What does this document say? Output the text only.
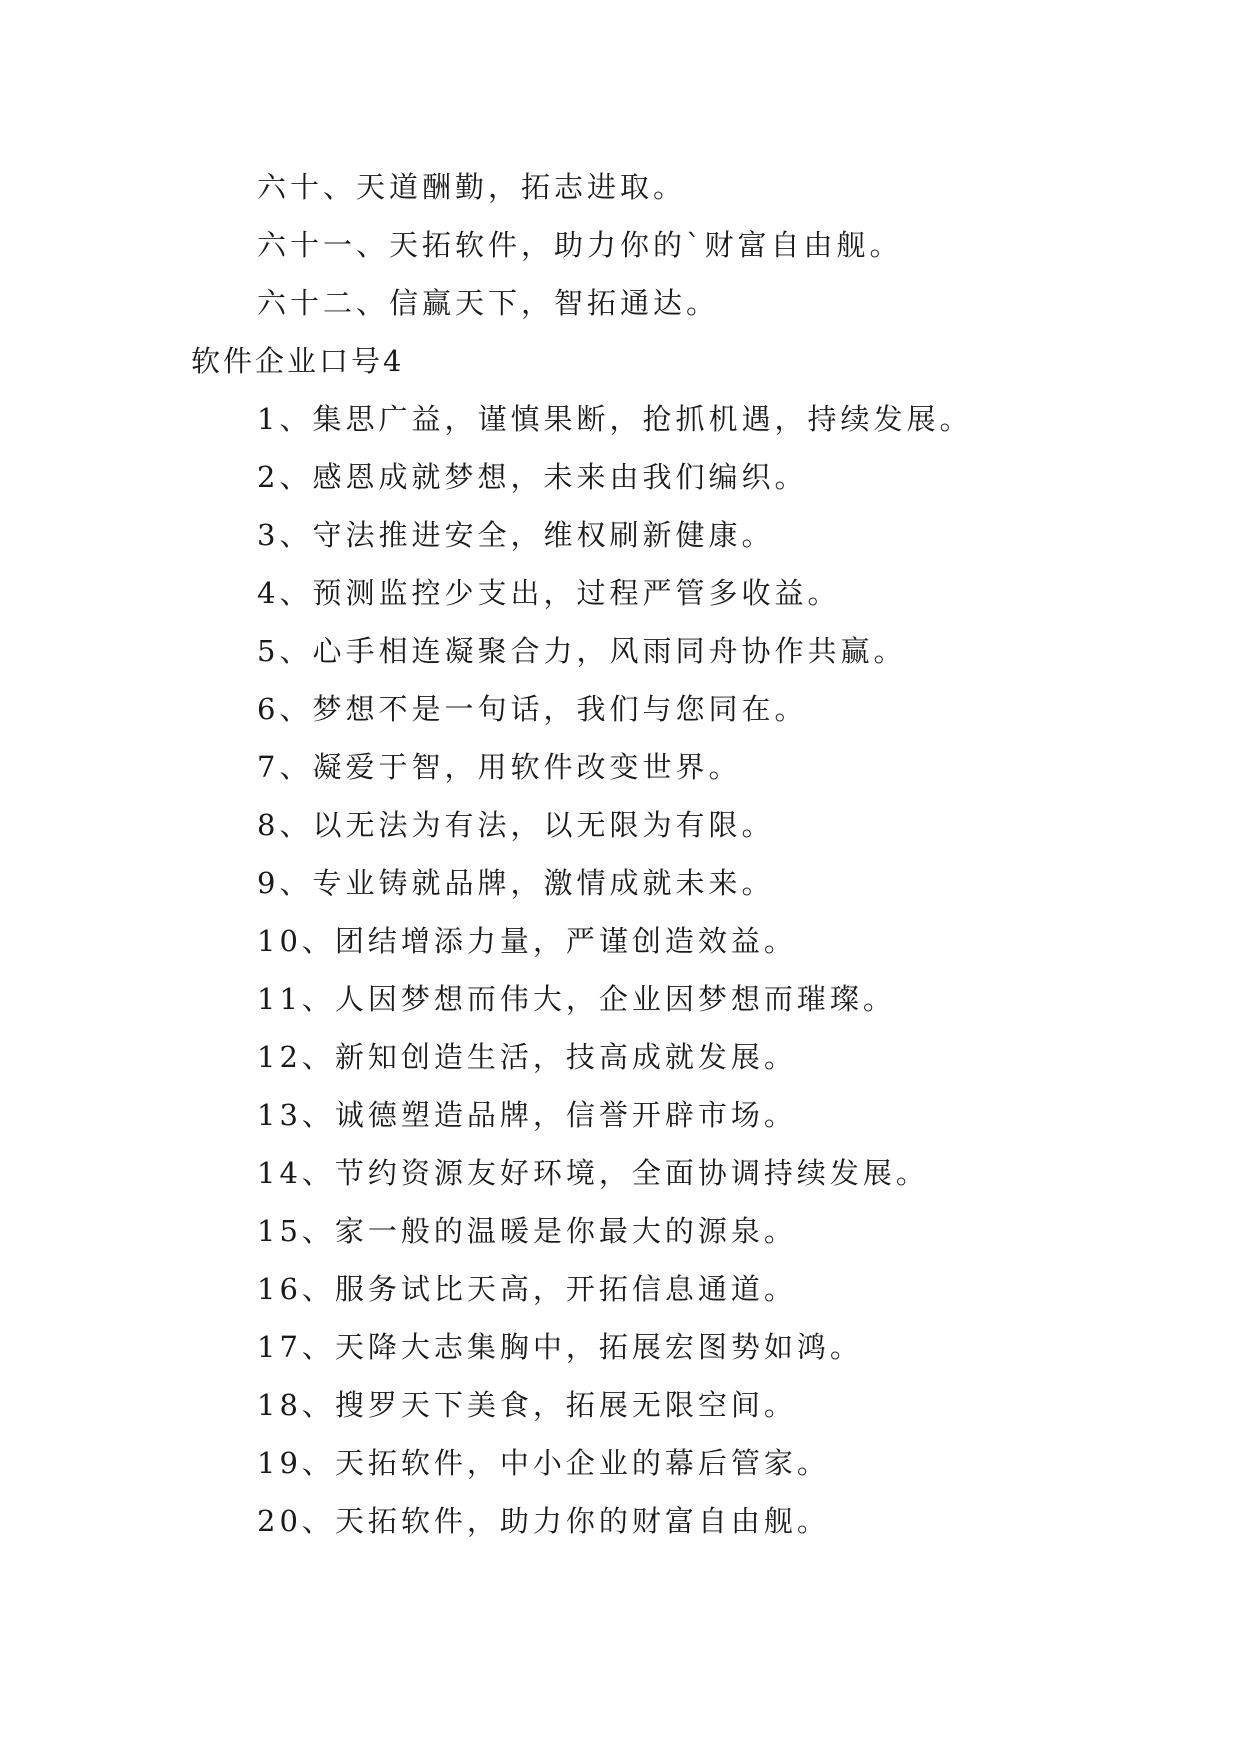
六十、天道酬勤，拓志进取。
六十一、天拓软件，助力你的`财富自由舰。
六十二、信赢天下，智拓通达。
软件企业口号4
1、集思广益，谨慎果断，抢抓机遇，持续发展。
2、感恩成就梦想，未来由我们编织。
3、守法推进安全，维权刷新健康。
4、预测监控少支出，过程严管多收益。
5、心手相连凝聚合力，风雨同舟协作共赢。
6、梦想不是一句话，我们与您同在。
7、凝爱于智，用软件改变世界。
8、以无法为有法，以无限为有限。
9、专业铸就品牌，激情成就未来。
10、团结增添力量，严谨创造效益。
11、人因梦想而伟大，企业因梦想而璀璨。
12、新知创造生活，技高成就发展。
13、诚德塑造品牌，信誉开辟市场。
14、节约资源友好环境，全面协调持续发展。
15、家一般的温暖是你最大的源泉。
16、服务试比天高，开拓信息通道。
17、天降大志集胸中，拓展宏图势如鸿。
18、搜罗天下美食，拓展无限空间。
19、天拓软件，中小企业的幕后管家。
20、天拓软件，助力你的财富自由舰。
